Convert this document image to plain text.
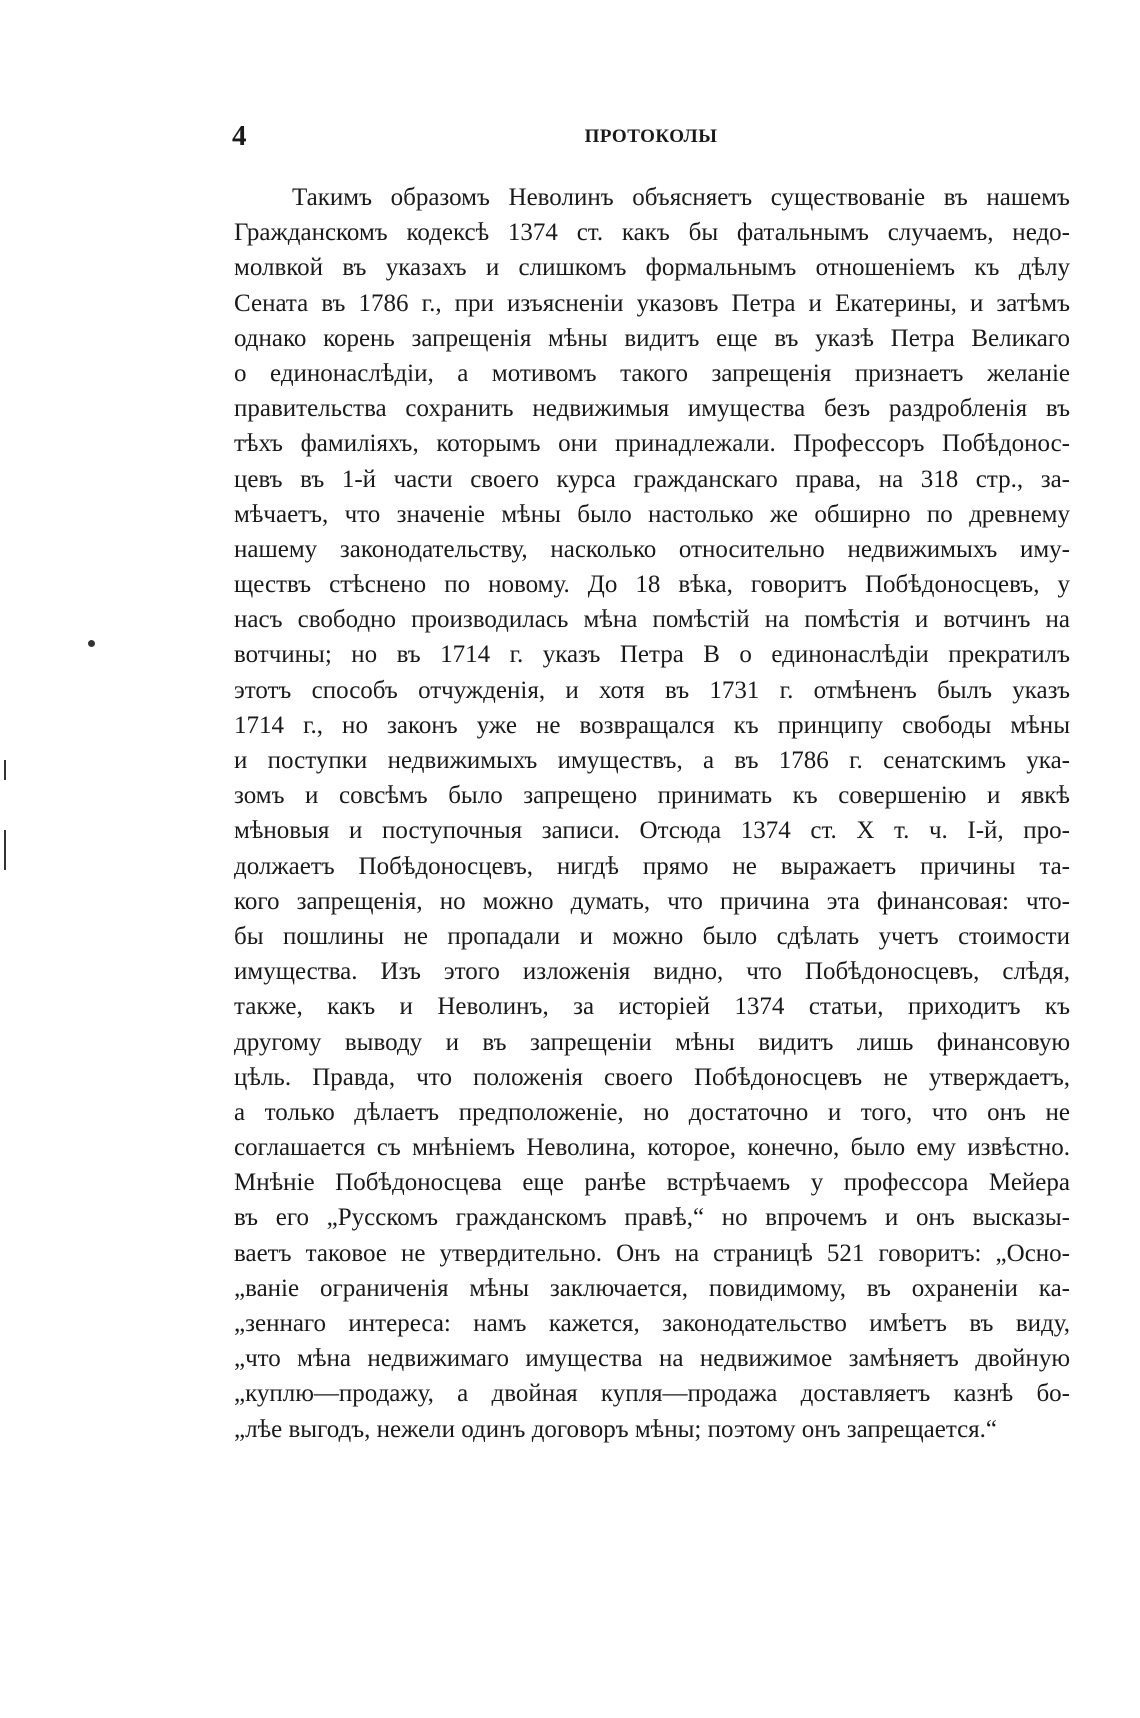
4	ПРОТОКОЛЫ
Такимъ образомъ Неволинъ объясняетъ существованіе въ нашемъ
Гражданскомъ кодексѣ 1374 ст. какъ бы фатальнымъ случаемъ, недо-
молвкой въ указахъ и слишкомъ формальнымъ отношеніемъ къ дѣлу
Сената въ 1786 г., при изъясненіи указовъ Петра и Екатерины, и затѣмъ
однако корень запрещенія мѣны видитъ еще въ указѣ Петра Великаго
о единонаслѣдіи, а мотивомъ такого запрещенія признаетъ желаніе
правительства сохранить недвижимыя имущества безъ раздробленія въ
тѣхъ фамиліяхъ, которымъ они принадлежали. Профессоръ Побѣдонос-
цевъ въ 1-й части своего курса гражданскаго права, на 318 стр., за-
мѣчаетъ, что значеніе мѣны было настолько же обширно по древнему
нашему законодательству, насколько относительно недвижимыхъ иму-
ществъ стѣснено по новому. До 18 вѣка, говоритъ Побѣдоносцевъ, у
насъ свободно производилась мѣна помѣстій на помѣстія и вотчинъ на
вотчины; но въ 1714 г. указъ Петра В о единонаслѣдіи прекратилъ
этотъ способъ отчужденія, и хотя въ 1731 г. отмѣненъ былъ указъ
1714 г., но законъ уже не возвращался къ принципу свободы мѣны
и поступки недвижимыхъ имуществъ, а въ 1786 г. сенатскимъ ука-
зомъ и совсѣмъ было запрещено принимать къ совершенію и явкѣ
мѣновыя и поступочныя записи. Отсюда 1374 ст. X т. ч. I-й, про-
должаетъ Побѣдоносцевъ, нигдѣ прямо не выражаетъ причины та-
кого запрещенія, но можно думать, что причина эта финансовая: что-
бы пошлины не пропадали и можно было сдѣлать учетъ стоимости
имущества. Изъ этого изложенія видно, что Побѣдоносцевъ, слѣдя,
также, какъ и Неволинъ, за исторіей 1374 статьи, приходитъ къ
другому выводу и въ запрещеніи мѣны видитъ лишь финансовую
цѣль. Правда, что положенія своего Побѣдоносцевъ не утверждаетъ,
а только дѣлаетъ предположеніе, но достаточно и того, что онъ не
соглашается съ мнѣніемъ Неволина, которое, конечно, было ему извѣстно.
Мнѣніе Побѣдоносцева еще ранѣе встрѣчаемъ у профессора Мейера
въ его „Русскомъ гражданскомъ правѣ,“ но впрочемъ и онъ высказы-
ваетъ таковое не утвердительно. Онъ на страницѣ 521 говоритъ: „Осно-
„ваніе ограниченія мѣны заключается, повидимому, въ охраненіи ка-
„зеннаго интереса: намъ кажется, законодательство имѣетъ въ виду,
„что мѣна недвижимаго имущества на недвижимое замѣняетъ двойную
„куплю—продажу, а двойная купля—продажа доставляетъ казнѣ бо-
„лѣе выгодъ, нежели одинъ договоръ мѣны; поэтому онъ запрещается.“
